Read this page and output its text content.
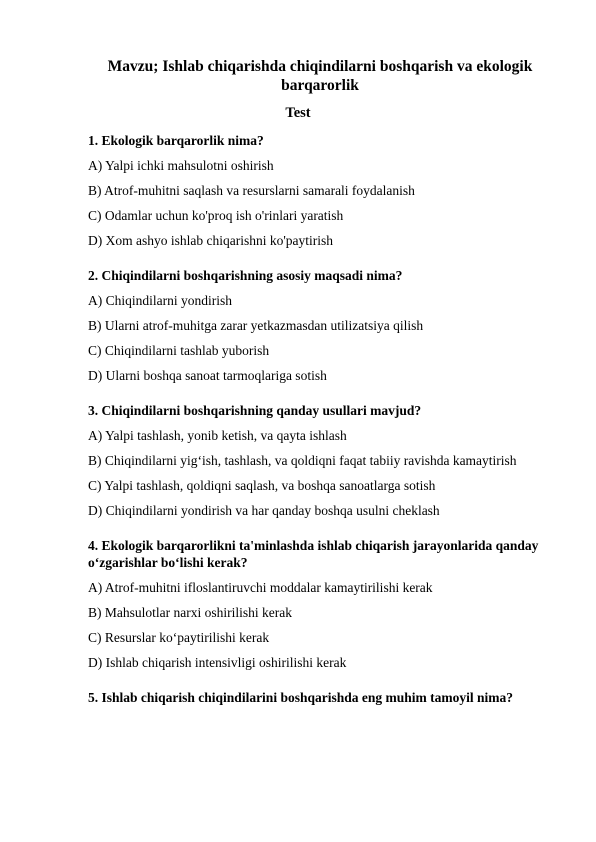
Mavzu; Ishlab chiqarishda chiqindilarni boshqarish va ekologik barqarorlik
Test
1. Ekologik barqarorlik nima?
A) Yalpi ichki mahsulotni oshirish
B) Atrof-muhitni saqlash va resurslarni samarali foydalanish
C) Odamlar uchun ko'proq ish o'rinlari yaratish
D) Xom ashyo ishlab chiqarishni ko'paytirish
2. Chiqindilarni boshqarishning asosiy maqsadi nima?
A) Chiqindilarni yondirish
B) Ularni atrof-muhitga zarar yetkazmasdan utilizatsiya qilish
C) Chiqindilarni tashlab yuborish
D) Ularni boshqa sanoat tarmoqlariga sotish
3. Chiqindilarni boshqarishning qanday usullari mavjud?
A) Yalpi tashlash, yonib ketish, va qayta ishlash
B) Chiqindilarni yig‘ish, tashlash, va qoldiqni faqat tabiiy ravishda kamaytirish
C) Yalpi tashlash, qoldiqni saqlash, va boshqa sanoatlarga sotish
D) Chiqindilarni yondirish va har qanday boshqa usulni cheklash
4. Ekologik barqarorlikni ta'minlashda ishlab chiqarish jarayonlarida qanday o‘zgarishlar bo‘lishi kerak?
A) Atrof-muhitni ifloslantiruvchi moddalar kamaytirilishi kerak
B) Mahsulotlar narxi oshirilishi kerak
C) Resurslar ko‘paytirilishi kerak
D) Ishlab chiqarish intensivligi oshirilishi kerak
5. Ishlab chiqarish chiqindilarini boshqarishda eng muhim tamoyil nima?
